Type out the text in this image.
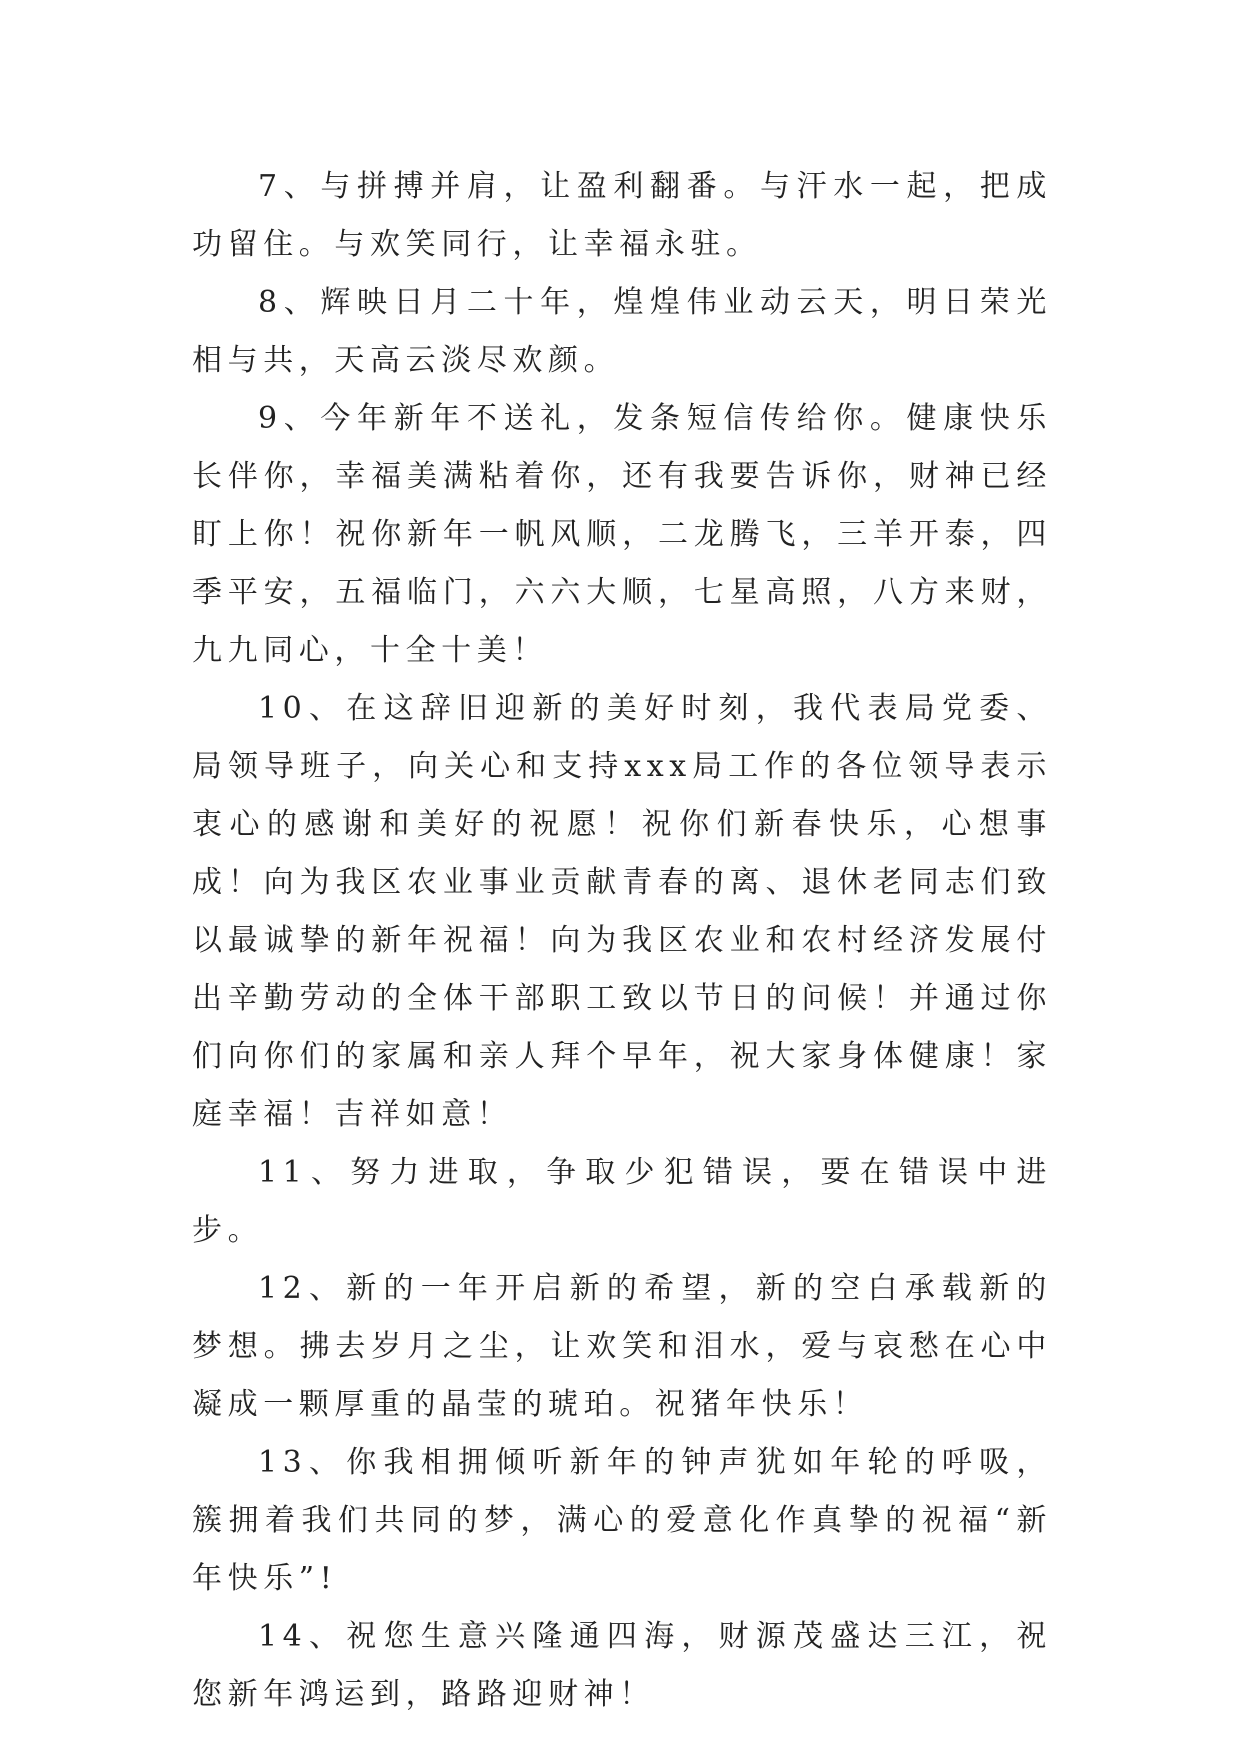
7、与拼搏并肩，让盈利翻番。与汗水一起，把成功留住。与欢笑同行，让幸福永驻。

8、辉映日月二十年，煌煌伟业动云天，明日荣光相与共，天高云淡尽欢颜。

9、今年新年不送礼，发条短信传给你。健康快乐长伴你，幸福美满粘着你，还有我要告诉你，财神已经盯上你！祝你新年一帆风顺，二龙腾飞，三羊开泰，四季平安，五福临门，六六大顺，七星高照，八方来财，九九同心，十全十美！

10、在这辞旧迎新的美好时刻，我代表局党委、局领导班子，向关心和支持xxx局工作的各位领导表示衷心的感谢和美好的祝愿！祝你们新春快乐，心想事成！向为我区农业事业贡献青春的离、退休老同志们致以最诚挚的新年祝福！向为我区农业和农村经济发展付出辛勤劳动的全体干部职工致以节日的问候！并通过你们向你们的家属和亲人拜个早年，祝大家身体健康！家庭幸福！吉祥如意！

11、努力进取，争取少犯错误，要在错误中进步。

12、新的一年开启新的希望，新的空白承载新的梦想。拂去岁月之尘，让欢笑和泪水，爱与哀愁在心中凝成一颗厚重的晶莹的琥珀。祝猪年快乐！

13、你我相拥倾听新年的钟声犹如年轮的呼吸，簇拥着我们共同的梦，满心的爱意化作真挚的祝福“新年快乐”!

14、祝您生意兴隆通四海，财源茂盛达三江，祝您新年鸿运到，路路迎财神！
